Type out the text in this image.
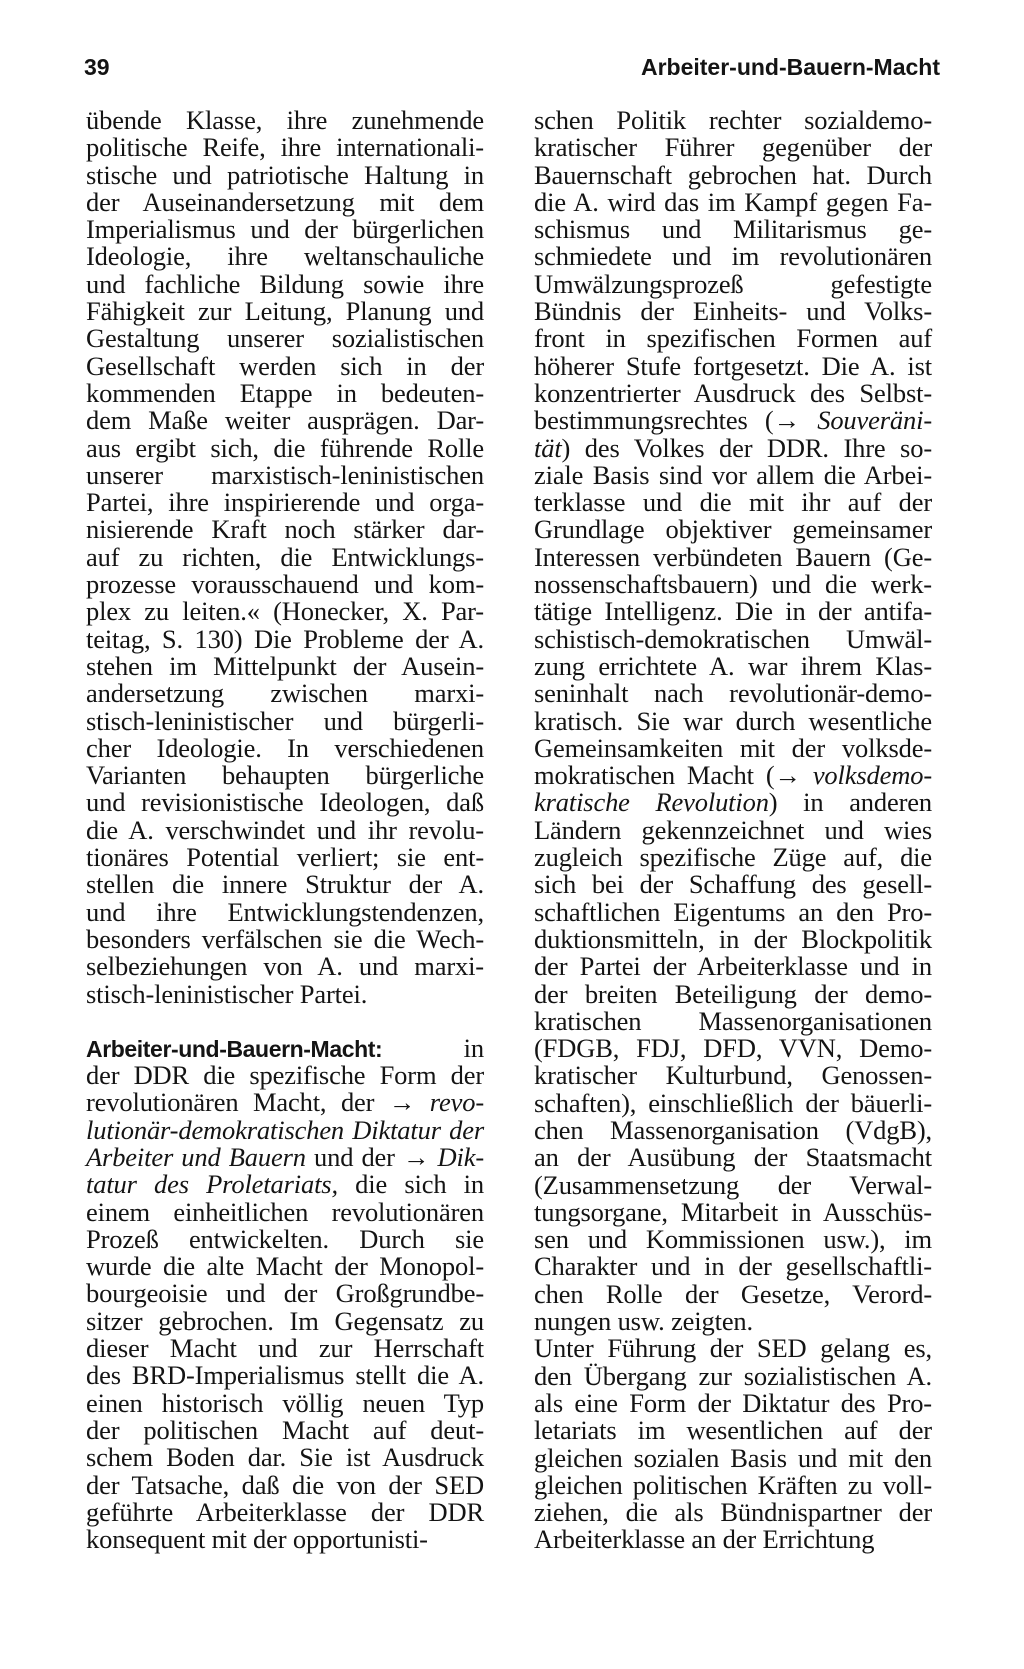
39	Arbeiter-und-Bauern-Macht
übende Klasse, ihre zunehmende
politische Reife, ihre internationali-
stische und patriotische Haltung in
der Auseinandersetzung mit dem
Imperialismus und der bürgerlichen
Ideologie, ihre weltanschauliche
und fachliche Bildung sowie ihre
Fähigkeit zur Leitung, Planung und
Gestaltung unserer sozialistischen
Gesellschaft werden sich in der
kommenden Etappe in bedeuten-
dem Maße weiter ausprägen. Dar-
aus ergibt sich, die führende Rolle
unserer marxistisch-leninistischen
Partei, ihre inspirierende und orga-
nisierende Kraft noch stärker dar-
auf zu richten, die Entwicklungs-
prozesse vorausschauend und kom-
plex zu leiten.« (Honecker, X. Par-
teitag, S. 130) Die Probleme der A.
stehen im Mittelpunkt der Ausein-
andersetzung zwischen marxi-
stisch-leninistischer und bürgerli-
cher Ideologie. In verschiedenen
Varianten behaupten bürgerliche
und revisionistische Ideologen, daß
die A. verschwindet und ihr revolu-
tionäres Potential verliert; sie ent-
stellen die innere Struktur der A.
und ihre Entwicklungstendenzen,
besonders verfälschen sie die Wech-
selbeziehungen von A. und marxi-
stisch-leninistischer Partei.
Arbeiter-und-Bauern-Macht: in
der DDR die spezifische Form der
revolutionären Macht, der → revo-
lutionär-demokratischen Diktatur der
Arbeiter und Bauern und der → Dik-
tatur des Proletariats, die sich in
einem einheitlichen revolutionären
Prozeß entwickelten. Durch sie
wurde die alte Macht der Monopol-
bourgeoisie und der Großgrundbe-
sitzer gebrochen. Im Gegensatz zu
dieser Macht und zur Herrschaft
des BRD-Imperialismus stellt die A.
einen historisch völlig neuen Typ
der politischen Macht auf deut-
schem Boden dar. Sie ist Ausdruck
der Tatsache, daß die von der SED
geführte Arbeiterklasse der DDR
konsequent mit der opportunisti-
schen Politik rechter sozialdemo-
kratischer Führer gegenüber der
Bauernschaft gebrochen hat. Durch
die A. wird das im Kampf gegen Fa-
schismus und Militarismus ge-
schmiedete und im revolutionären
Umwälzungsprozeß gefestigte
Bündnis der Einheits- und Volks-
front in spezifischen Formen auf
höherer Stufe fortgesetzt. Die A. ist
konzentrierter Ausdruck des Selbst-
bestimmungsrechtes (→ Souveräni-
tät) des Volkes der DDR. Ihre so-
ziale Basis sind vor allem die Arbei-
terklasse und die mit ihr auf der
Grundlage objektiver gemeinsamer
Interessen verbündeten Bauern (Ge-
nossenschaftsbauern) und die werk-
tätige Intelligenz. Die in der antifa-
schistisch-demokratischen Umwäl-
zung errichtete A. war ihrem Klas-
seninhalt nach revolutionär-demo-
kratisch. Sie war durch wesentliche
Gemeinsamkeiten mit der volksde-
mokratischen Macht (→ volksdemo-
kratische Revolution) in anderen
Ländern gekennzeichnet und wies
zugleich spezifische Züge auf, die
sich bei der Schaffung des gesell-
schaftlichen Eigentums an den Pro-
duktionsmitteln, in der Blockpolitik
der Partei der Arbeiterklasse und in
der breiten Beteiligung der demo-
kratischen Massenorganisationen
(FDGB, FDJ, DFD, VVN, Demo-
kratischer Kulturbund, Genossen-
schaften), einschließlich der bäuerli-
chen Massenorganisation (VdgB),
an der Ausübung der Staatsmacht
(Zusammensetzung der Verwal-
tungsorgane, Mitarbeit in Ausschüs-
sen und Kommissionen usw.), im
Charakter und in der gesellschaftli-
chen Rolle der Gesetze, Verord-
nungen usw. zeigten.
Unter Führung der SED gelang es,
den Übergang zur sozialistischen A.
als eine Form der Diktatur des Pro-
letariats im wesentlichen auf der
gleichen sozialen Basis und mit den
gleichen politischen Kräften zu voll-
ziehen, die als Bündnispartner der
Arbeiterklasse an der Errichtung
